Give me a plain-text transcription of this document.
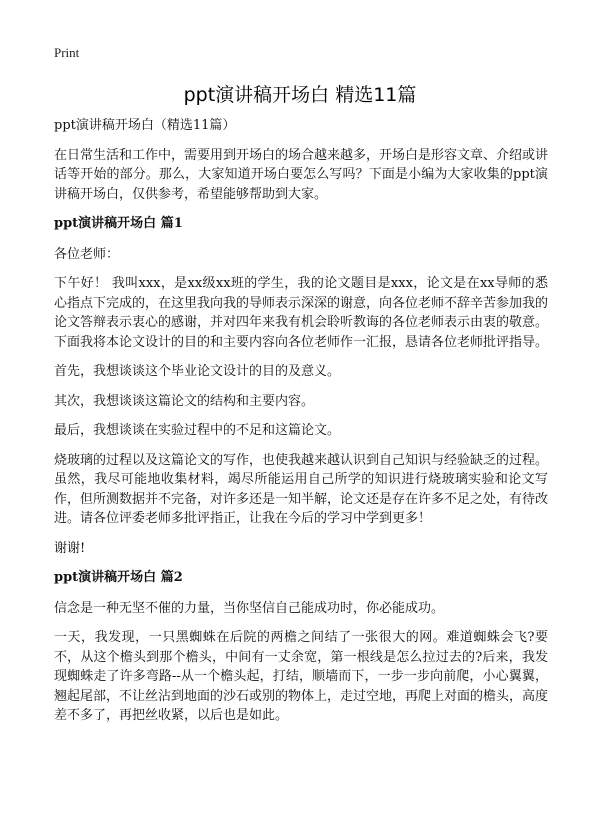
Print
ppt演讲稿开场白 精选11篇

ppt演讲稿开场白（精选11篇）

在日常生活和工作中，需要用到开场白的场合越来越多，开场白是形容文章、介绍或讲话等开始的部分。那么，大家知道开场白要怎么写吗？下面是小编为大家收集的ppt演讲稿开场白，仅供参考，希望能够帮助到大家。

ppt演讲稿开场白 篇1

各位老师：

下午好！ 我叫xxx，是xx级xx班的学生，我的论文题目是xxx，论文是在xx导师的悉心指点下完成的，在这里我向我的导师表示深深的谢意，向各位老师不辞辛苦参加我的论文答辩表示衷心的感谢，并对四年来我有机会聆听教诲的各位老师表示由衷的敬意。下面我将本论文设计的目的和主要内容向各位老师作一汇报，恳请各位老师批评指导。

首先，我想谈谈这个毕业论文设计的目的及意义。

其次，我想谈谈这篇论文的结构和主要内容。

最后，我想谈谈在实验过程中的不足和这篇论文。

烧玻璃的过程以及这篇论文的写作，也使我越来越认识到自己知识与经验缺乏的过程。虽然，我尽可能地收集材料，竭尽所能运用自己所学的知识进行烧玻璃实验和论文写作，但所测数据并不完备，对许多还是一知半解，论文还是存在许多不足之处，有待改进。请各位评委老师多批评指正，让我在今后的学习中学到更多！

谢谢!

ppt演讲稿开场白 篇2

信念是一种无坚不催的力量，当你坚信自己能成功时，你必能成功。

一天，我发现，一只黑蜘蛛在后院的两檐之间结了一张很大的网。难道蜘蛛会飞?要不，从这个檐头到那个檐头，中间有一丈余宽，第一根线是怎么拉过去的?后来，我发现蜘蛛走了许多弯路--从一个檐头起，打结，顺墙而下，一步一步向前爬，小心翼翼，翘起尾部，不让丝沾到地面的沙石或别的物体上，走过空地，再爬上对面的檐头，高度差不多了，再把丝收紧，以后也是如此。
